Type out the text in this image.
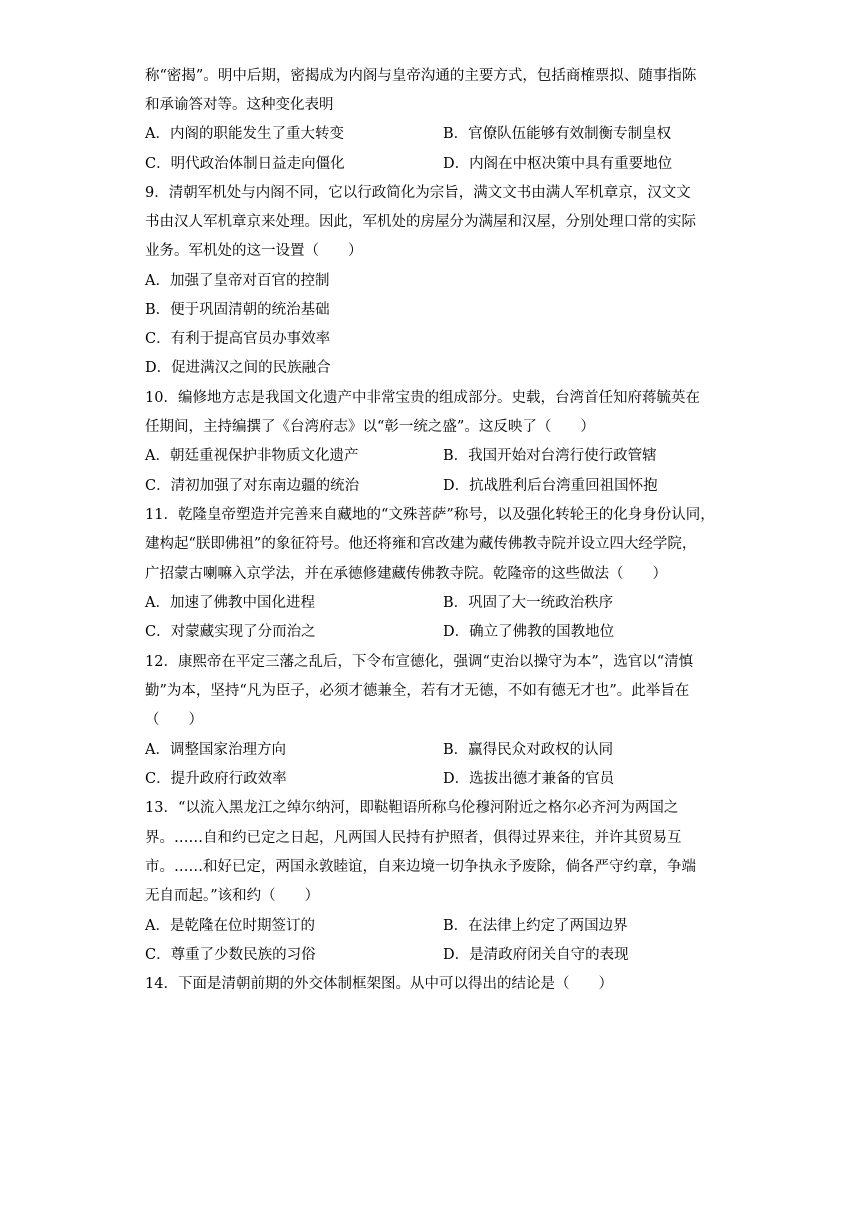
称“密揭”。明中后期，密揭成为内阁与皇帝沟通的主要方式，包括商榷票拟、随事指陈
和承谕答对等。这种变化表明
A．内阁的职能发生了重大转变	B．官僚队伍能够有效制衡专制皇权
C．明代政治体制日益走向僵化	D．内阁在中枢决策中具有重要地位
9．清朝军机处与内阁不同，它以行政简化为宗旨，满文文书由满人军机章京，汉文文
书由汉人军机章京来处理。因此，军机处的房屋分为满屋和汉屋，分别处理口常的实际
业务。军机处的这一设置（　　）
A．加强了皇帝对百官的控制
B．便于巩固清朝的统治基础
C．有利于提高官员办事效率
D．促进满汉之间的民族融合
10．编修地方志是我国文化遗产中非常宝贵的组成部分。史载，台湾首任知府蒋毓英在
任期间，主持编撰了《台湾府志》以“彰一统之盛”。这反映了（　　）
A．朝廷重视保护非物质文化遗产	B．我国开始对台湾行使行政管辖
C．清初加强了对东南边疆的统治	D．抗战胜利后台湾重回祖国怀抱
11．乾隆皇帝塑造并完善来自藏地的“文殊菩萨”称号，以及强化转轮王的化身身份认同，
建构起“朕即佛祖”的象征符号。他还将雍和宫改建为藏传佛教寺院并设立四大经学院，
广招蒙古喇嘛入京学法，并在承德修建藏传佛教寺院。乾隆帝的这些做法（　　）
A．加速了佛教中国化进程	B．巩固了大一统政治秩序
C．对蒙藏实现了分而治之	D．确立了佛教的国教地位
12．康熙帝在平定三藩之乱后，下令布宣德化，强调“吏治以操守为本”，选官以“清慎
勤”为本，坚持“凡为臣子，必须才德兼全，若有才无德，不如有德无才也”。此举旨在
（　　）
A．调整国家治理方向	B．赢得民众对政权的认同
C．提升政府行政效率	D．选拔出德才兼备的官员
13．“以流入黑龙江之绰尔纳河，即鞑靼语所称乌伦穆河附近之格尔必齐河为两国之
界。……自和约已定之日起，凡两国人民持有护照者，俱得过界来往，并许其贸易互
市。……和好已定，两国永敦睦谊，自来边境一切争执永予废除，倘各严守约章，争端
无自而起。”该和约（　　）
A．是乾隆在位时期签订的	B．在法律上约定了两国边界
C．尊重了少数民族的习俗	D．是清政府闭关自守的表现
14．下面是清朝前期的外交体制框架图。从中可以得出的结论是（　　）
